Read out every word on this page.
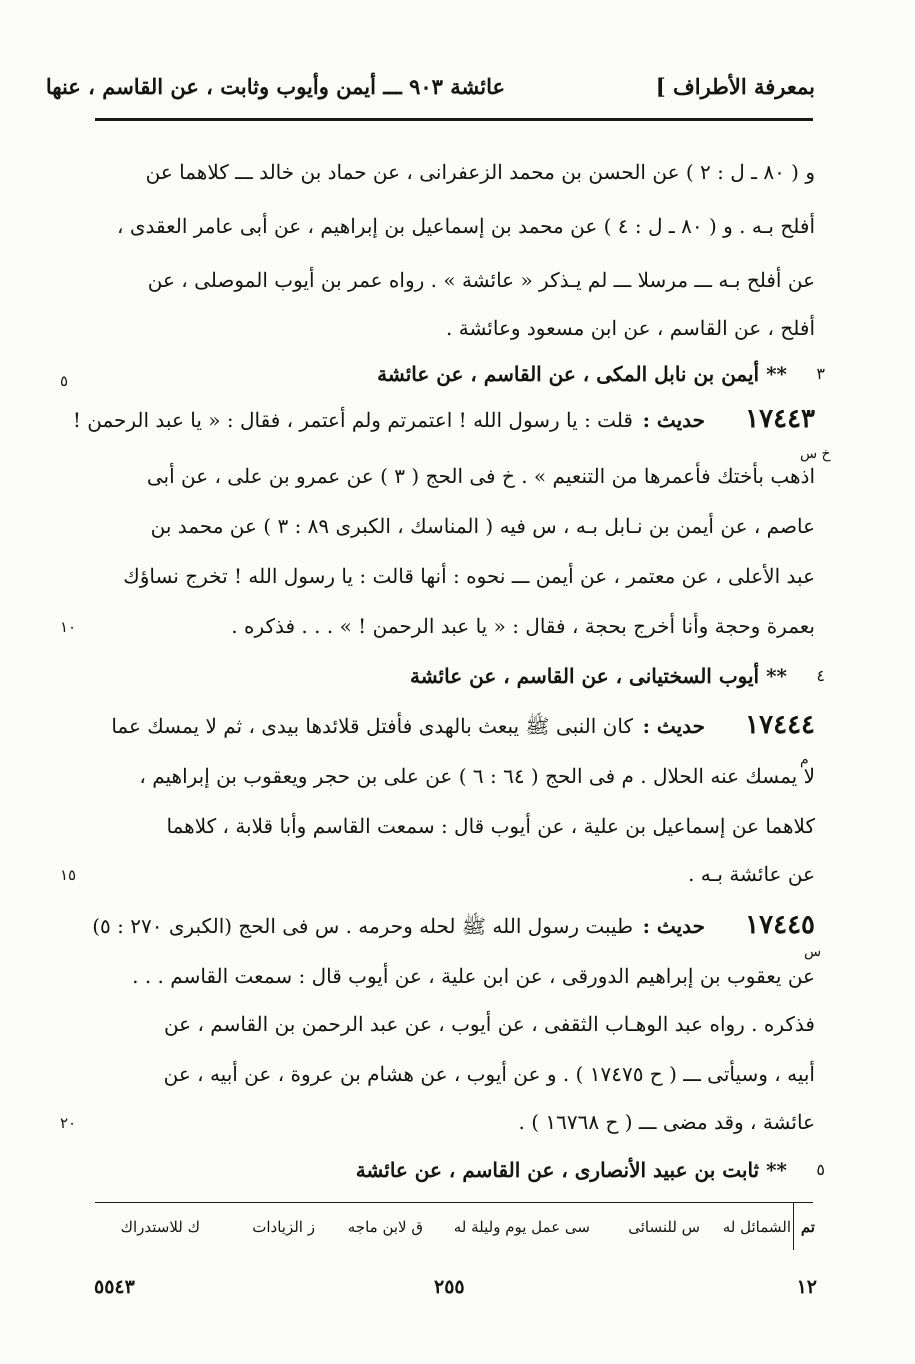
بمعرفة الأطراف ]
عائشة ٩٠٣ ـــ أيمن وأيوب وثابت ، عن القاسم ، عنها
و ( ٨٠ ـ ل : ٢ ) عن الحسن بن محمد الزعفرانى ، عن حماد بن خالد ـــ كلاهما عن
أفلح بـه . و ( ٨٠ ـ ل : ٤ ) عن محمد بن إسماعيل بن إبراهيم ، عن أبى عامر العقدى ،
عن أفلح بـه ـــ مرسلا ـــ لم يـذكر « عائشة » . رواه عمر بن أيوب الموصلى ، عن
أفلح ، عن القاسم ، عن ابن مسعود وعائشة .
٣
** أيمن بن نابل المكى ، عن القاسم ، عن عائشة
٥
١٧٤٤٣
حديث :
قلت : يا رسول الله ! اعتمرتم ولم أعتمر ، فقال : « يا عبد الرحمن !
خ س
اذهب بأختك فأعمرها من التنعيم » . خ فى الحج ( ٣ ) عن عمرو بن على ، عن أبى
عاصم ، عن أيمن بن نـابل بـه ، س فيه ( المناسك ، الكبرى ٨٩ : ٣ ) عن محمد بن
عبد الأعلى ، عن معتمر ، عن أيمن ـــ نحوه : أنها قالت : يا رسول الله ! تخرج نساؤك
بعمرة وحجة وأنا أخرج بحجة ، فقال : « يا عبد الرحمن ! » . . . فذكره .
١٠
٤
** أيوب السختيانى ، عن القاسم ، عن عائشة
١٧٤٤٤
حديث :
كان النبى ﷺ يبعث بالهدى فأفتل قلائدها بيدى ، ثم لا يمسك عما
م
لا يمسك عنه الحلال . م فى الحج ( ٦٤ : ٦ ) عن على بن حجر ويعقوب بن إبراهيم ،
كلاهما عن إسماعيل بن علية ، عن أيوب قال : سمعت القاسم وأبا قلابة ، كلاهما
عن عائشة بـه .
١٥
١٧٤٤٥
حديث :
طيبت رسول الله ﷺ لحله وحرمه . س فى الحج (الكبرى ٢٧٠ : ٥)
س
عن يعقوب بن إبراهيم الدورقى ، عن ابن علية ، عن أيوب قال : سمعت القاسم . . .
فذكره . رواه عبد الوهـاب الثقفى ، عن أيوب ، عن عبد الرحمن بن القاسم ، عن
أبيه ، وسيأتى ـــ ( ح ١٧٤٧٥ ) . و عن أيوب ، عن هشام بن عروة ، عن أبيه ، عن
عائشة ، وقد مضى ـــ ( ح ١٦٧٦٨ ) .
٢٠
٥
** ثابت بن عبيد الأنصارى ، عن القاسم ، عن عائشة
تم
الشمائل له
س للنسائى
سى عمل يوم وليلة له
ق لابن ماجه
ز الزيادات
ك للاستدراك
١٢
٢٥٥
٥٥٤٣
